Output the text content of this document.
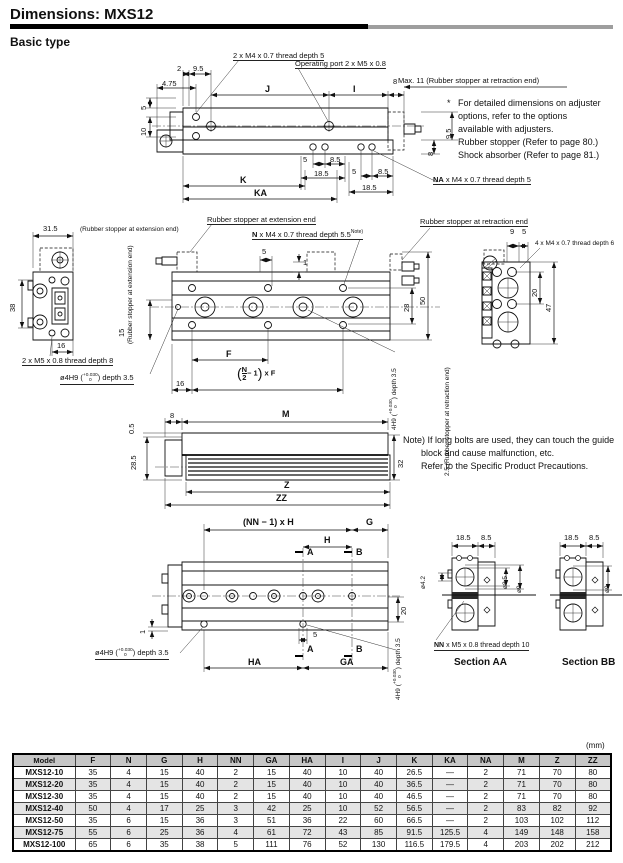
Dimensions: MXS12
Basic type
2 x M4 x 0.7 thread depth 5
Operating port 2 x M5 x 0.8
Max. 11 (Rubber stopper at retraction end)
2 9.5
4.75
J	I
8
5
10	9.5
8
5	8.5
18.5	5	8.5
18.5
K
KA
NA x M4 x 0.7 thread depth 5
* For detailed dimensions on adjuster
options, refer to the options
available with adjusters.
Rubber stopper (Refer to page 80.)
Shock absorber (Refer to page 81.)
31.5	(Rubber stopper at extension end)
38
16
2 x M5 x 0.8 thread depth 8
ø4H9 ( +0.030
0 ) depth 3.5
Rubber stopper at extension end
N x M4 x 0.7 thread depth $5.5^{Note)}$
Rubber stopper at retraction end
5
1
28
50
15 (Rubber stopper at extension end)
F
16
$(\frac{N}{2} - 1)$ x F
4H9 (
+0.030 0
) depth 3.5	2.5 (Rubber stopper at retraction end)
9 5
4 x M4 x 0.7 thread depth 6
20
47
8	M
0.5
28.5	32
Z
ZZ
Note) If long bolts are used, they can touch the guide
block and cause malfunction, etc.
Refer to the Specific Product Precautions.
(NN − 1) x H	G
H
A	B
20
1	5
A	B
HA	GA
ø4H9 ( +0.030
0 ) depth 3.5
4H9 (
+0.030 0
) depth 3.5	NN x M5 x 0.8 thread depth 10
18.5 8.5
ø4.2	ø8.5
ø9
Section AA
18.5 8.5
ø9
Section BB
(mm)
Model	F	N	G	H	NN	GA	HA	I	J	K	KA	NA	M	Z	ZZ
MXS12-10	35	4	15	40	2	15	40	10	40	26.5	—	2	71	70	80
MXS12-20	35	4	15	40	2	15	40	10	40	36.5	—	2	71	70	80
MXS12-30	35	4	15	40	2	15	40	10	40	46.5	—	2	71	70	80
MXS12-40	50	4	17	25	3	42	25	10	52	56.5	—	2	83	82	92
MXS12-50	35	6	15	36	3	51	36	22	60	66.5	—	2	103	102	112
MXS12-75	55	6	25	36	4	61	72	43	85	91.5	125.5	4	149	148	158
MXS12-100	65	6	35	38	5	111	76	52	130	116.5	179.5	4	203	202	212
